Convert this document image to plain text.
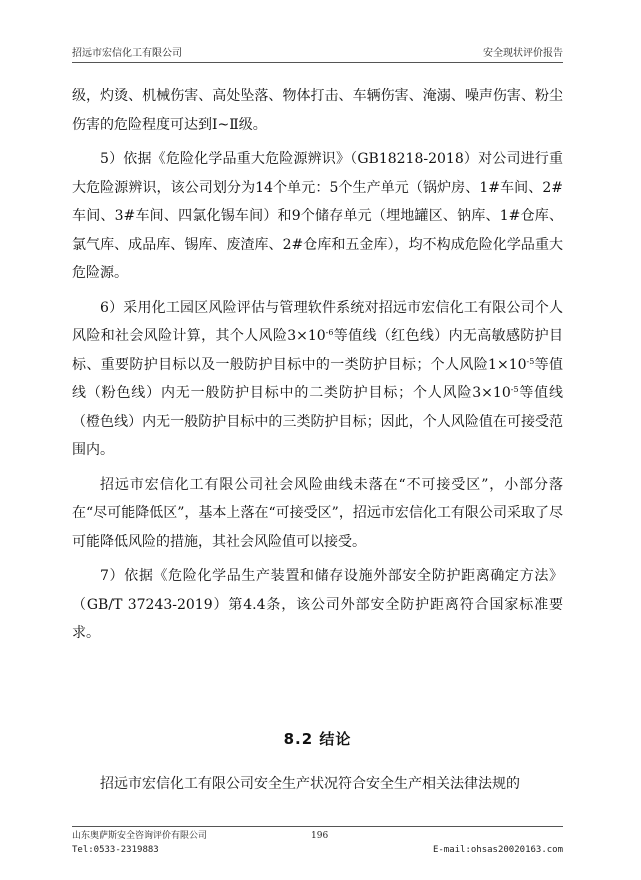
招远市宏信化工有限公司	安全现状评价报告

级，灼烫、机械伤害、高处坠落、物体打击、车辆伤害、淹溺、噪声伤害、粉尘伤害的危险程度可达到Ⅰ~Ⅱ级。

5）依据《危险化学品重大危险源辨识》（GB18218-2018）对公司进行重大危险源辨识，该公司划分为14个单元：5个生产单元（锅炉房、1#车间、2#车间、3#车间、四氯化锡车间）和9个储存单元（埋地罐区、钠库、1#仓库、氯气库、成品库、锡库、废渣库、2#仓库和五金库），均不构成危险化学品重大危险源。

6）采用化工园区风险评估与管理软件系统对招远市宏信化工有限公司个人风险和社会风险计算，其个人风险$3\times 10^{-6}$等值线（红色线）内无高敏感防护目标、重要防护目标以及一般防护目标中的一类防护目标；个人风险$1\times 10^{-5}$等值线（粉色线）内无一般防护目标中的二类防护目标；个人风险$3\times 10^{-5}$等值线（橙色线）内无一般防护目标中的三类防护目标；因此，个人风险值在可接受范围内。

招远市宏信化工有限公司社会风险曲线未落在“不可接受区”，小部分落在“尽可能降低区”，基本上落在“可接受区”，招远市宏信化工有限公司采取了尽可能降低风险的措施，其社会风险值可以接受。

7）依据《危险化学品生产装置和储存设施外部安全防护距离确定方法》（GB/T 37243-2019）第4.4条，该公司外部安全防护距离符合国家标准要求。

8.2 结论

招远市宏信化工有限公司安全生产状况符合安全生产相关法律法规的

山东奥萨斯安全咨询评价有限公司	196
Tel:0533-2319883	E-mail:ohsas20020163.com
